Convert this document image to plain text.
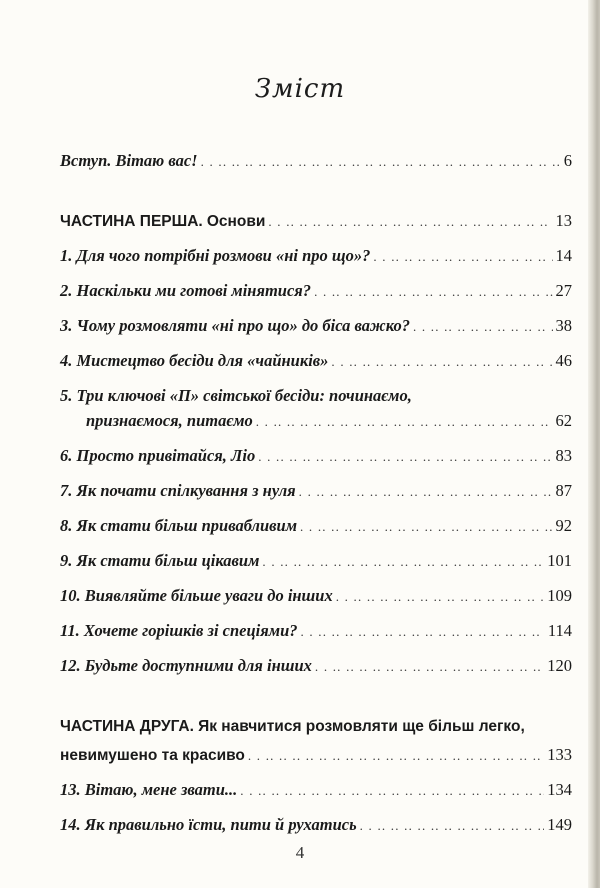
Зміст
Вступ. Вітаю вас! . . .	6
ЧАСТИНА ПЕРША.
Основи . . .	13
1. Для чого потрібні розмови «ні про що»? . . .	14
2. Наскільки ми готові мінятися? . . .	27
3. Чому розмовляти «ні про що» до біса важко? . . .	38
4. Мистецтво бесіди для «чайників» . . .	46
5. Три ключові «П» світської бесіди: починаємо,
признаємося, питаємо . . .	62
6. Просто привітайся, Ліо . . .	83
7. Як почати спілкування з нуля . . .	87
8. Як стати більш привабливим . . .	92
9. Як стати більш цікавим . . .	101
10. Виявляйте більше уваги до інших . . .	109
11. Хочете горішків зі спеціями? . . .	114
12. Будьте доступними для інших . . .	120
ЧАСТИНА ДРУГА.
Як навчитися розмовляти ще більш легко,
невимушено та красиво . . .	133
13. Вітаю, мене звати... . . .	134
14. Як правильно їсти, пити й рухатись . . .	149
4
